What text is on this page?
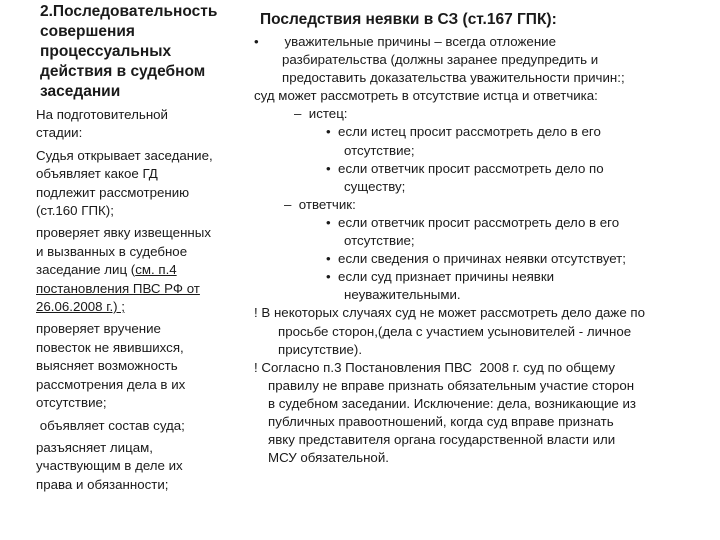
2.Последовательность
совершения
процессуальных
действия в судебном
заседании
На подготовительной
стадии:
Судья открывает заседание,
объявляет какое ГД
подлежит рассмотрению
(ст.160 ГПК);
проверяет явку извещенных
и вызванных в судебное
заседание лиц (см. п.4
постановления ПВС РФ от
26.06.2008 г.) ;
проверяет вручение
повесток не явившихся,
выясняет возможность
рассмотрения дела в их
отсутствие;
объявляет состав суда;
разъясняет лицам,
участвующим в деле их
права и обязанности;
Последствия неявки в СЗ (ст.167 ГПК):
•       уважительные причины – всегда отложение
разбирательства (должны заранее предупредить и
предоставить доказательства уважительности причин:;
суд может рассмотреть в отсутствие истца и ответчика:
–  истец:
•  если истец просит рассмотреть дело в его
отсутствие;
•  если ответчик просит рассмотреть дело по
существу;
–  ответчик:
•  если ответчик просит рассмотреть дело в его
отсутствие;
•  если сведения о причинах неявки отсутствует;
•  если суд признает причины неявки
неуважительными.
! В некоторых случаях суд не может рассмотреть дело даже по
просьбе сторон,(дела с участием усыновителей - личное
присутствие).
! Согласно п.3 Постановления ПВС  2008 г. суд по общему
правилу не вправе признать обязательным участие сторон
в судебном заседании. Исключение: дела, возникающие из
публичных правоотношений, когда суд вправе признать
явку представителя органа государственной власти или
МСУ обязательной.
